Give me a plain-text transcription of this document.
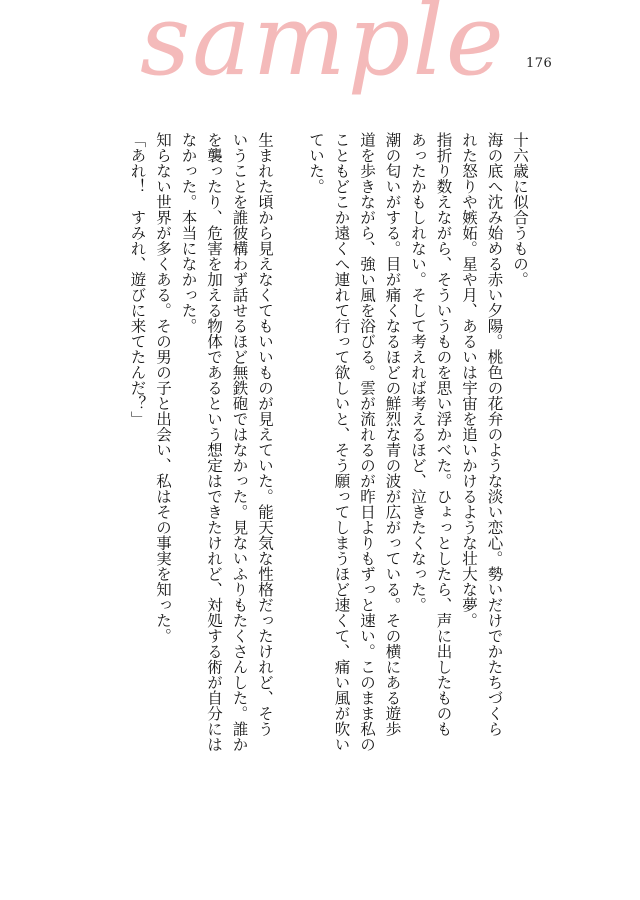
sample 176
十六歳に似合うもの。
海の底へ沈み始める赤い夕陽。桃色の花弁のような淡い恋心。勢いだけでかたちづくら
れた怒りや嫉妬。星や月、あるいは宇宙を追いかけるような壮大な夢。
指折り数えながら、そういうものを思い浮かべた。ひょっとしたら、声に出したものも
あったかもしれない。そして考えれば考えるほど、泣きたくなった。
潮の匂いがする。目が痛くなるほどの鮮烈な青の波が広がっている。その横にある遊歩
道を歩きながら、強い風を浴びる。雲が流れるのが昨日よりもずっと速い。このまま私の
こともどこか遠くへ連れて行って欲しいと、そう願ってしまうほど速くて、痛い風が吹い
ていた。
生まれた頃から見えなくてもいいものが見えていた。能天気な性格だったけれど、そう
いうことを誰彼構わず話せるほど無鉄砲ではなかった。見ないふりもたくさんした。誰か
を襲ったり、危害を加える物体であるという想定はできたけれど、対処する術が自分には
なかった。本当になかった。
知らない世界が多くある。その男の子と出会い、私はその事実を知った。
「あれ！　すみれ、遊びに来てたんだ？」
